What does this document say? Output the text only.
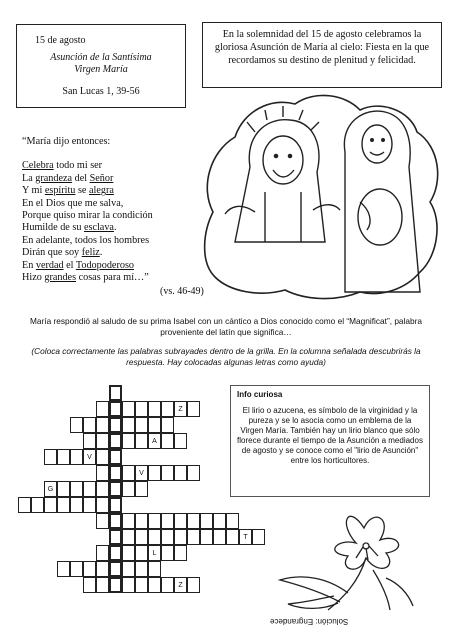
15 de agosto
Asunción de la Santísima
Virgen María
San Lucas 1, 39-56
En la solemnidad del 15 de agosto celebramos la gloriosa Asunción de María al cielo: Fiesta en la que recordamos su destino de plenitud y felicidad.
“María dijo entonces:
Celebra todo mi ser
La grandeza del Señor
Y mi espíritu se alegra
En el Dios que me salva,
Porque quiso mirar la condición
Humilde de su esclava.
En adelante, todos los hombres
Dirán que soy feliz.
En verdad el Todopoderoso
Hizo grandes cosas para mí…”
(vs. 46-49)
María respondió al saludo de su prima Isabel con un cántico a Dios conocido como el “Magnificat”, palabra proveniente del latín que significa…
(Coloca correctamente las palabras subrayades dentro de la grilla. En la columna señalada descubrirás la respuesta. Hay colocadas algunas letras como ayuda)
Z
A
V
V
G
T
L
Z
Info curiosa
El lirio o azucena, es símbolo de la virginidad y la pureza y se lo asocia como un emblema de la Virgen María. También hay un lirio blanco que sólo florece durante el tiempo de la Asunción a mediados de agosto y se conoce como el "lirio de Asunción" entre los horticultores.
Solución: Engrandece
